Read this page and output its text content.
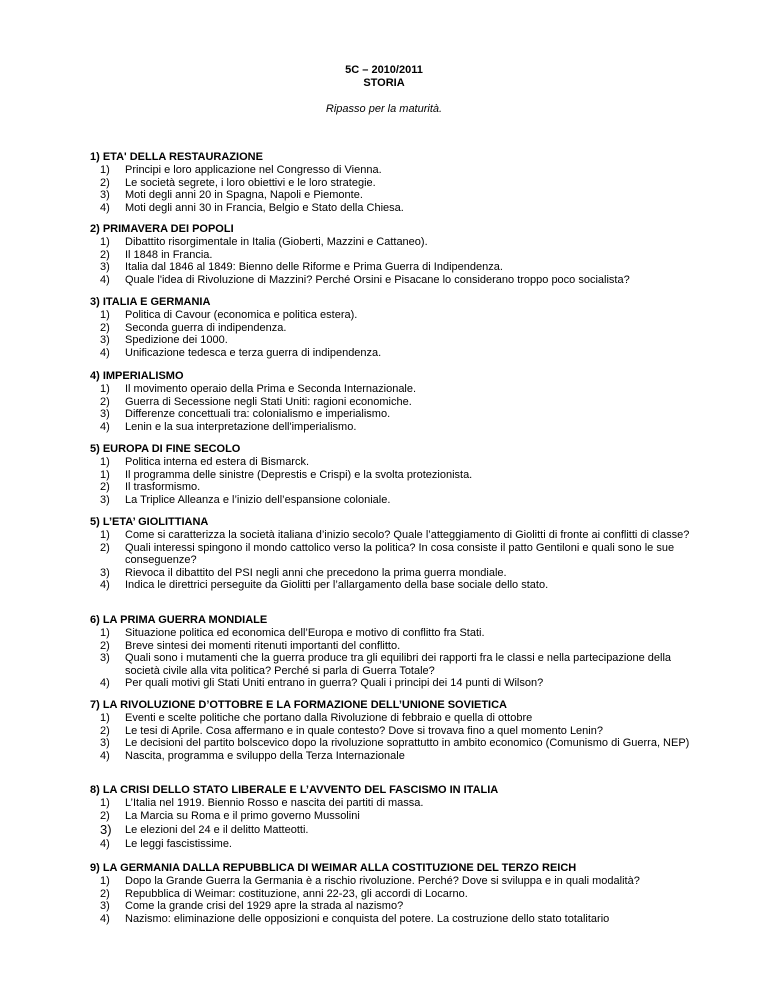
5C – 2010/2011
STORIA
Ripasso per la maturità.
1) ETA' DELLA RESTAURAZIONE
1) Principi e loro applicazione nel Congresso di Vienna.
2) Le società segrete, i loro obiettivi e le loro strategie.
3) Moti degli anni 20 in Spagna, Napoli e Piemonte.
4) Moti degli anni 30 in Francia, Belgio e Stato della Chiesa.
2) PRIMAVERA DEI POPOLI
1) Dibattito risorgimentale in Italia (Gioberti, Mazzini e Cattaneo).
2) Il 1848 in Francia.
3) Italia dal 1846 al 1849: Bienno delle Riforme e Prima Guerra di Indipendenza.
4) Quale l'idea di Rivoluzione di Mazzini? Perché Orsini e Pisacane lo considerano troppo poco socialista?
3) ITALIA E GERMANIA
1) Politica di Cavour (economica e politica estera).
2) Seconda guerra di indipendenza.
3) Spedizione dei 1000.
4) Unificazione tedesca e terza guerra di indipendenza.
4) IMPERIALISMO
1) Il movimento operaio della Prima e Seconda Internazionale.
2) Guerra di Secessione negli Stati Uniti: ragioni economiche.
3) Differenze concettuali tra: colonialismo e imperialismo.
4) Lenin e la sua interpretazione dell'imperialismo.
5) EUROPA DI FINE SECOLO
1) Politica interna ed estera di Bismarck.
1) Il programma delle sinistre (Deprestis e Crispi) e la svolta protezionista.
2) Il trasformismo.
3) La Triplice Alleanza e l’inizio dell’espansione coloniale.
5) L’ETA’ GIOLITTIANA
1) Come si caratterizza la società italiana d’inizio secolo? Quale l’atteggiamento di Giolitti di fronte ai conflitti di classe?
2) Quali interessi spingono il mondo cattolico verso la politica? In cosa consiste il patto Gentiloni e quali sono le sue conseguenze?
3) Rievoca il dibattito del PSI negli anni che precedono la prima guerra mondiale.
4) Indica le direttrici perseguite da Giolitti per l’allargamento della base sociale dello stato.
6) LA PRIMA GUERRA MONDIALE
1) Situazione politica ed economica dell’Europa e motivo di conflitto fra Stati.
2) Breve sintesi dei momenti ritenuti importanti del conflitto.
3) Quali sono i mutamenti che la guerra produce tra gli equilibri dei rapporti fra le classi e nella partecipazione della società civile alla vita politica? Perché si parla di Guerra Totale?
4) Per quali motivi gli Stati Uniti entrano in guerra? Quali i principi dei 14 punti di Wilson?
7) LA RIVOLUZIONE D’OTTOBRE E LA FORMAZIONE DELL’UNIONE SOVIETICA
1) Eventi e scelte politiche che portano dalla Rivoluzione di febbraio e quella di ottobre
2) Le tesi di Aprile. Cosa affermano e in quale contesto? Dove si trovava fino a quel momento Lenin?
3) Le decisioni del partito bolscevico dopo la rivoluzione soprattutto in ambito economico (Comunismo di Guerra, NEP)
4) Nascita, programma e sviluppo della Terza Internazionale
8) LA CRISI DELLO STATO LIBERALE E L’AVVENTO DEL FASCISMO IN ITALIA
1) L’Italia nel 1919. Biennio Rosso e nascita dei partiti di massa.
2) La Marcia su Roma e il primo governo Mussolini
3) Le elezioni del 24 e il delitto Matteotti.
4) Le leggi fascistissime.
9) LA GERMANIA DALLA REPUBBLICA DI WEIMAR ALLA COSTITUZIONE DEL TERZO REICH
1) Dopo la Grande Guerra la Germania è a rischio rivoluzione. Perché? Dove si sviluppa e in quali modalità?
2) Repubblica di Weimar: costituzione, anni 22-23, gli accordi di Locarno.
3) Come la grande crisi del 1929 apre la strada al nazismo?
4) Nazismo: eliminazione delle opposizioni e conquista del potere. La costruzione dello stato totalitario
